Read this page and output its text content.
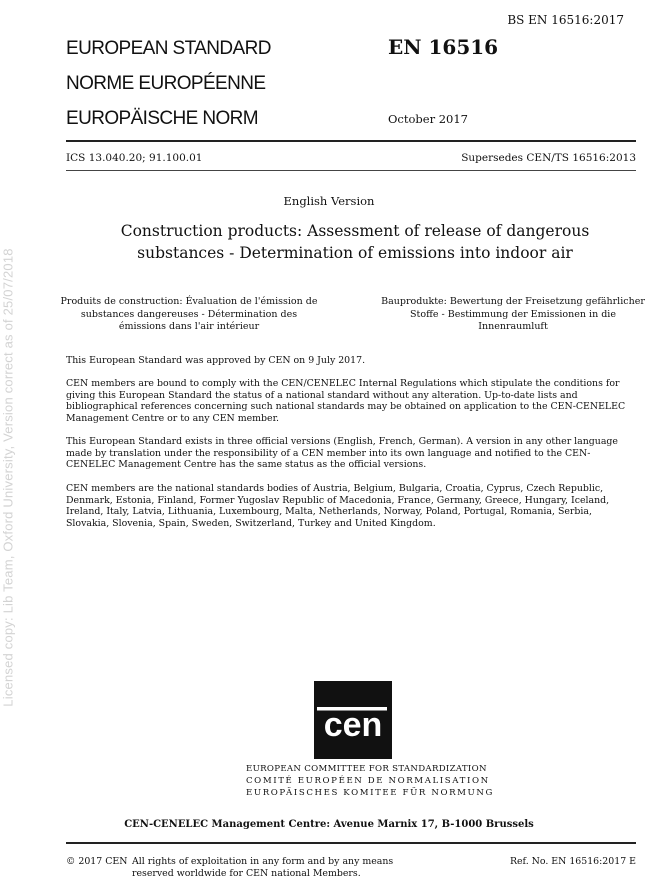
Licensed copy: Lib Team, Oxford University, Version correct as of 25/07/2018
BS EN 16516:2017
EUROPEAN STANDARD
NORME EUROPÉENNE
EUROPÄISCHE NORM
EN 16516
October 2017
ICS 13.040.20; 91.100.01	Supersedes CEN/TS 16516:2013
English Version
Construction products: Assessment of release of dangerous substances - Determination of emissions into indoor air
Produits de construction: Évaluation de l'émission de substances dangereuses - Détermination des émissions dans l'air intérieur
Bauprodukte: Bewertung der Freisetzung gefährlicher Stoffe - Bestimmung der Emissionen in die Innenraumluft
This European Standard was approved by CEN on 9 July 2017.
CEN members are bound to comply with the CEN/CENELEC Internal Regulations which stipulate the conditions for giving this European Standard the status of a national standard without any alteration. Up-to-date lists and bibliographical references concerning such national standards may be obtained on application to the CEN-CENELEC Management Centre or to any CEN member.
This European Standard exists in three official versions (English, French, German). A version in any other language made by translation under the responsibility of a CEN member into its own language and notified to the CEN-CENELEC Management Centre has the same status as the official versions.
CEN members are the national standards bodies of Austria, Belgium, Bulgaria, Croatia, Cyprus, Czech Republic, Denmark, Estonia, Finland, Former Yugoslav Republic of Macedonia, France, Germany, Greece, Hungary, Iceland, Ireland, Italy, Latvia, Lithuania, Luxembourg, Malta, Netherlands, Norway, Poland, Portugal, Romania, Serbia, Slovakia, Slovenia, Spain, Sweden, Switzerland, Turkey and United Kingdom.
cen
EUROPEAN COMMITTEE FOR STANDARDIZATION
COMITÉ EUROPÉEN DE NORMALISATION
EUROPÄISCHES KOMITEE FÜR NORMUNG
CEN-CENELEC Management Centre: Avenue Marnix 17, B-1000 Brussels
© 2017 CEN All rights of exploitation in any form and by any means reserved worldwide for CEN national Members.
Ref. No. EN 16516:2017 E
